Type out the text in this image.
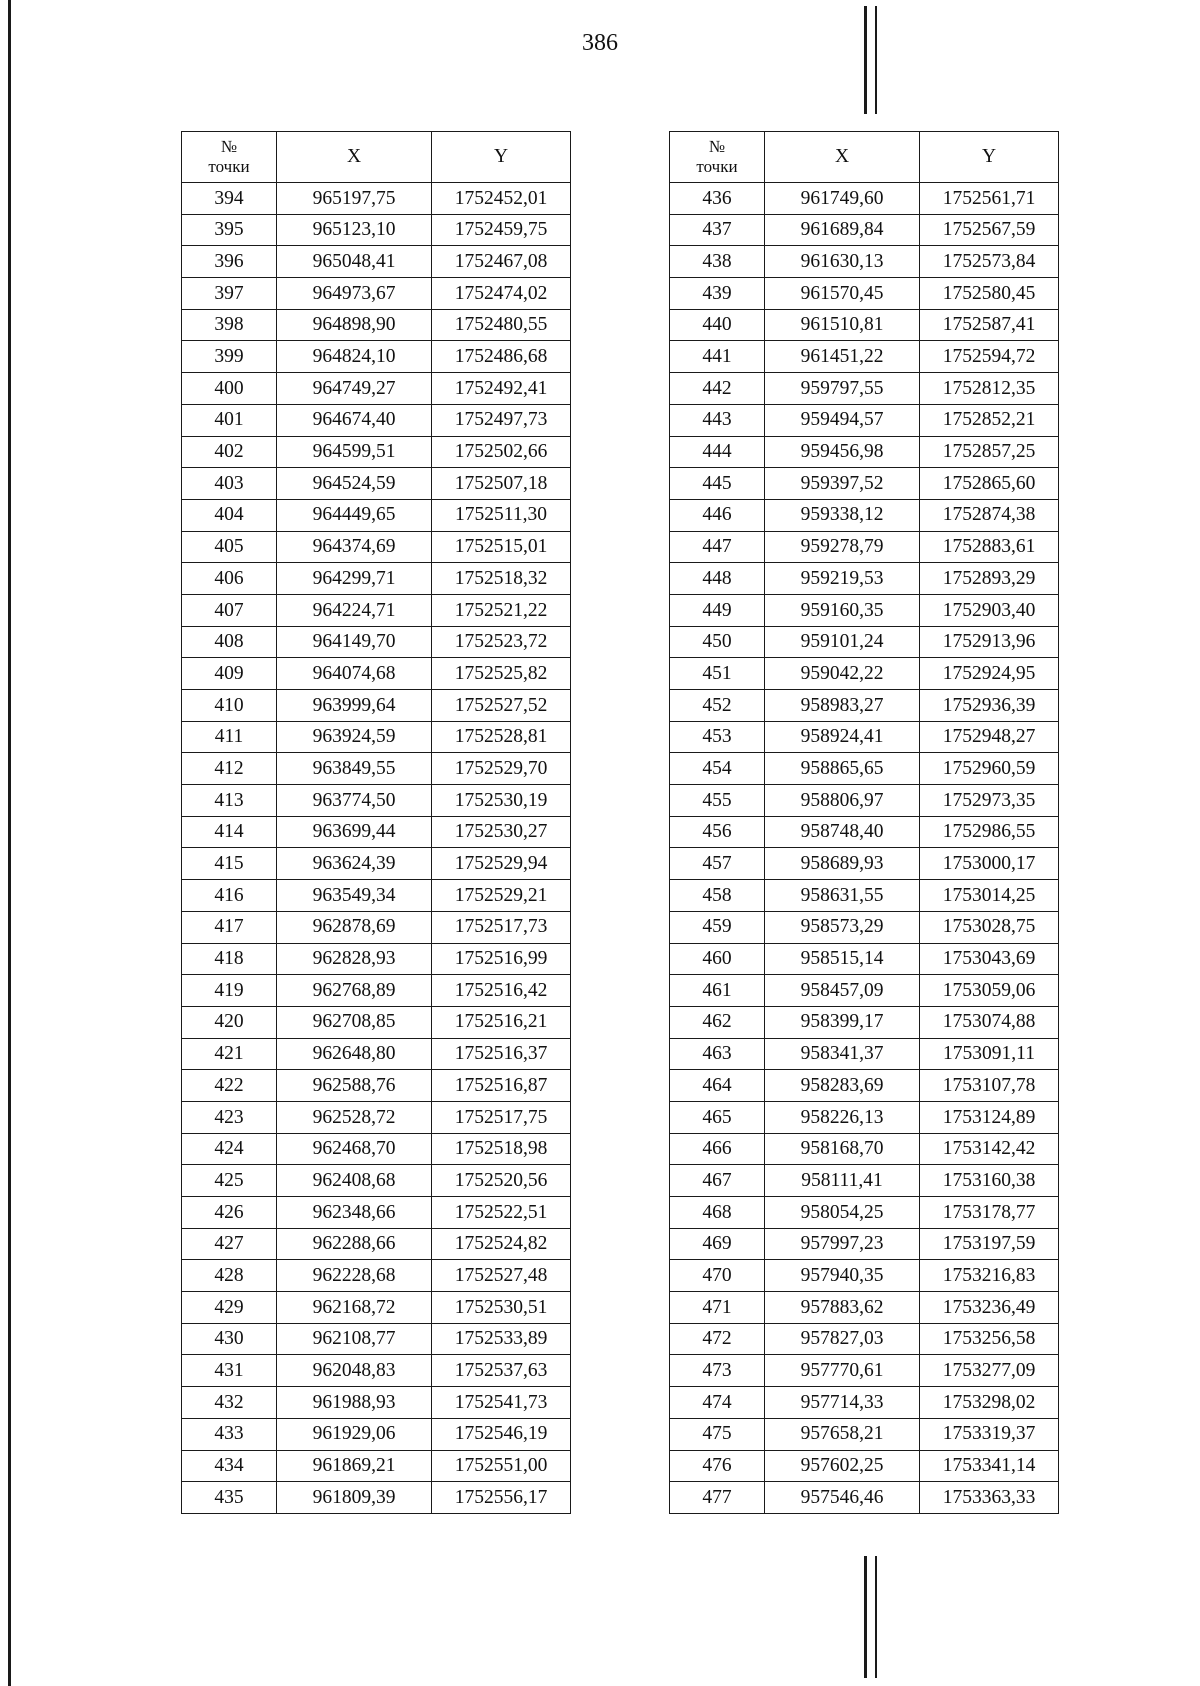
386
№
точки	X	Y
394	965197,75	1752452,01
395	965123,10	1752459,75
396	965048,41	1752467,08
397	964973,67	1752474,02
398	964898,90	1752480,55
399	964824,10	1752486,68
400	964749,27	1752492,41
401	964674,40	1752497,73
402	964599,51	1752502,66
403	964524,59	1752507,18
404	964449,65	1752511,30
405	964374,69	1752515,01
406	964299,71	1752518,32
407	964224,71	1752521,22
408	964149,70	1752523,72
409	964074,68	1752525,82
410	963999,64	1752527,52
411	963924,59	1752528,81
412	963849,55	1752529,70
413	963774,50	1752530,19
414	963699,44	1752530,27
415	963624,39	1752529,94
416	963549,34	1752529,21
417	962878,69	1752517,73
418	962828,93	1752516,99
419	962768,89	1752516,42
420	962708,85	1752516,21
421	962648,80	1752516,37
422	962588,76	1752516,87
423	962528,72	1752517,75
424	962468,70	1752518,98
425	962408,68	1752520,56
426	962348,66	1752522,51
427	962288,66	1752524,82
428	962228,68	1752527,48
429	962168,72	1752530,51
430	962108,77	1752533,89
431	962048,83	1752537,63
432	961988,93	1752541,73
433	961929,06	1752546,19
434	961869,21	1752551,00
435	961809,39	1752556,17
№
точки	X	Y
436	961749,60	1752561,71
437	961689,84	1752567,59
438	961630,13	1752573,84
439	961570,45	1752580,45
440	961510,81	1752587,41
441	961451,22	1752594,72
442	959797,55	1752812,35
443	959494,57	1752852,21
444	959456,98	1752857,25
445	959397,52	1752865,60
446	959338,12	1752874,38
447	959278,79	1752883,61
448	959219,53	1752893,29
449	959160,35	1752903,40
450	959101,24	1752913,96
451	959042,22	1752924,95
452	958983,27	1752936,39
453	958924,41	1752948,27
454	958865,65	1752960,59
455	958806,97	1752973,35
456	958748,40	1752986,55
457	958689,93	1753000,17
458	958631,55	1753014,25
459	958573,29	1753028,75
460	958515,14	1753043,69
461	958457,09	1753059,06
462	958399,17	1753074,88
463	958341,37	1753091,11
464	958283,69	1753107,78
465	958226,13	1753124,89
466	958168,70	1753142,42
467	958111,41	1753160,38
468	958054,25	1753178,77
469	957997,23	1753197,59
470	957940,35	1753216,83
471	957883,62	1753236,49
472	957827,03	1753256,58
473	957770,61	1753277,09
474	957714,33	1753298,02
475	957658,21	1753319,37
476	957602,25	1753341,14
477	957546,46	1753363,33
